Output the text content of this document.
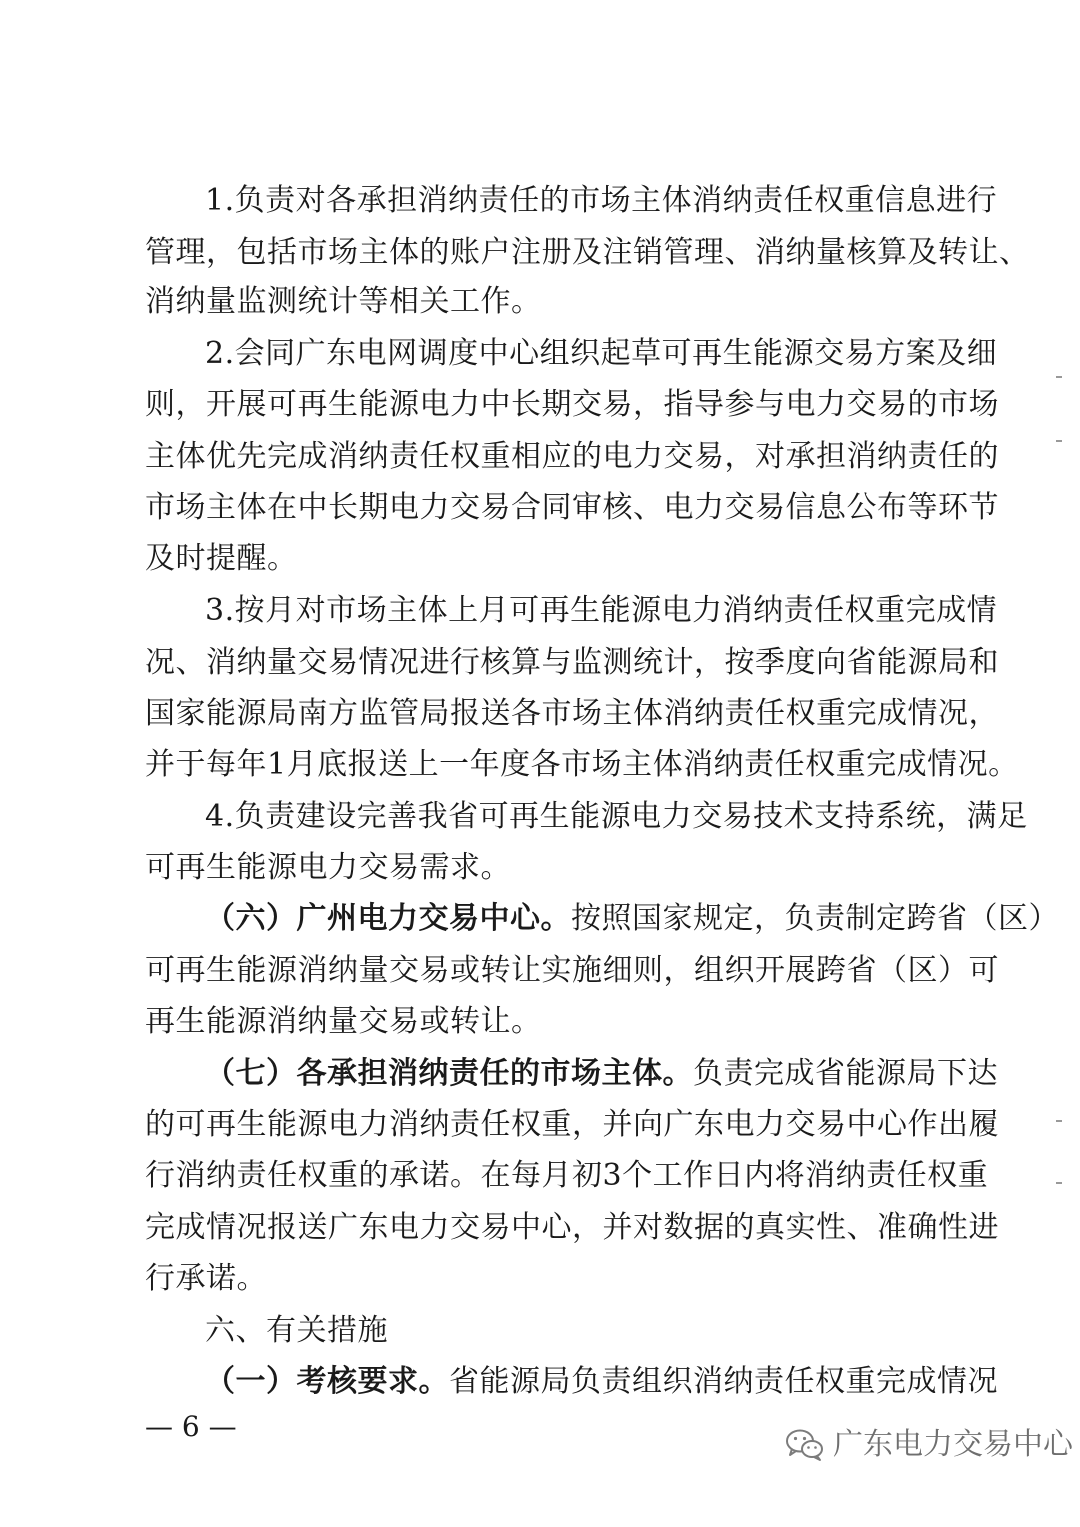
1.负责对各承担消纳责任的市场主体消纳责任权重信息进行
管理，包括市场主体的账户注册及注销管理、消纳量核算及转让、
消纳量监测统计等相关工作。
2.会同广东电网调度中心组织起草可再生能源交易方案及细
则，开展可再生能源电力中长期交易，指导参与电力交易的市场
主体优先完成消纳责任权重相应的电力交易，对承担消纳责任的
市场主体在中长期电力交易合同审核、电力交易信息公布等环节
及时提醒。
3.按月对市场主体上月可再生能源电力消纳责任权重完成情
况、消纳量交易情况进行核算与监测统计，按季度向省能源局和
国家能源局南方监管局报送各市场主体消纳责任权重完成情况，
并于每年1月底报送上一年度各市场主体消纳责任权重完成情况。
4.负责建设完善我省可再生能源电力交易技术支持系统，满足
可再生能源电力交易需求。
（六）广州电力交易中心。按照国家规定，负责制定跨省（区）
可再生能源消纳量交易或转让实施细则，组织开展跨省（区）可
再生能源消纳量交易或转让。
（七）各承担消纳责任的市场主体。负责完成省能源局下达
的可再生能源电力消纳责任权重，并向广东电力交易中心作出履
行消纳责任权重的承诺。在每月初3个工作日内将消纳责任权重
完成情况报送广东电力交易中心，并对数据的真实性、准确性进
行承诺。
六、有关措施
（一）考核要求。省能源局负责组织消纳责任权重完成情况
— 6 —
广东电力交易中心
